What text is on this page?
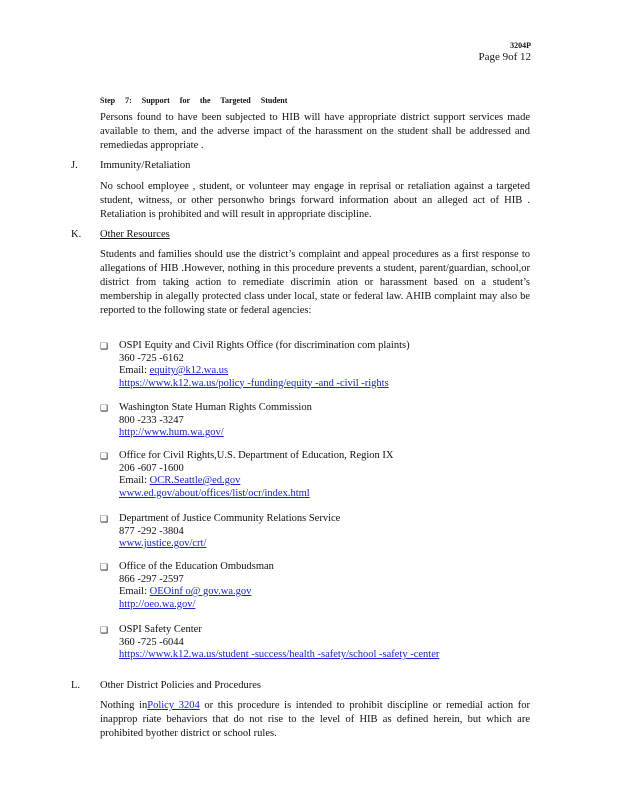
3204P
Page 9of 12
Step 7: Support for the Targeted Student

Persons found to have been subjected to HIB will have appropriate district support services made available to them, and the adverse impact of the harassment on the student shall be addressed and remediedas appropriate .

J. Immunity/Retaliation

No school employee , student, or volunteer may engage in reprisal or retaliation against a targeted student, witness, or other personwho brings forward information about an alleged act of HIB . Retaliation is prohibited and will result in appropriate discipline.

K. Other Resources

Students and families should use the district’s complaint and appeal procedures as a first response to allegations of HIB .However, nothing in this procedure prevents a student, parent/guardian, school,or district from taking action to remediate discrimin ation or harassment based on a student’s membership in alegally protected class under local, state or federal law. AHIB complaint may also be reported to the following state or federal agencies:

❑ OSPI Equity and Civil Rights Office (for discrimination com plaints)
360 -725 -6162
Email: equity@k12.wa.us
https://www.k12.wa.us/policy -funding/equity -and -civil -rights
❑ Washington State Human Rights Commission
800 -233 -3247
http://www.hum.wa.gov/
❑ Office for Civil Rights,U.S. Department of Education, Region IX
206 -607 -1600
Email: OCR.Seattle@ed.gov
www.ed.gov/about/offices/list/ocr/index.html
❑ Department of Justice Community Relations Service
877 -292 -3804
www.justice.gov/crt/
❑ Office of the Education Ombudsman
866 -297 -2597
Email: OEOinf o@ gov.wa.gov
http://oeo.wa.gov/
❑ OSPI Safety Center
360 -725 -6044
https://www.k12.wa.us/student -success/health -safety/school -safety -center
L. Other District Policies and Procedures

Nothing inPolicy 3204 or this procedure is intended to prohibit discipline or remedial action for inapprop riate behaviors that do not rise to the level of HIB as defined herein, but which are prohibited byother district or school rules.
